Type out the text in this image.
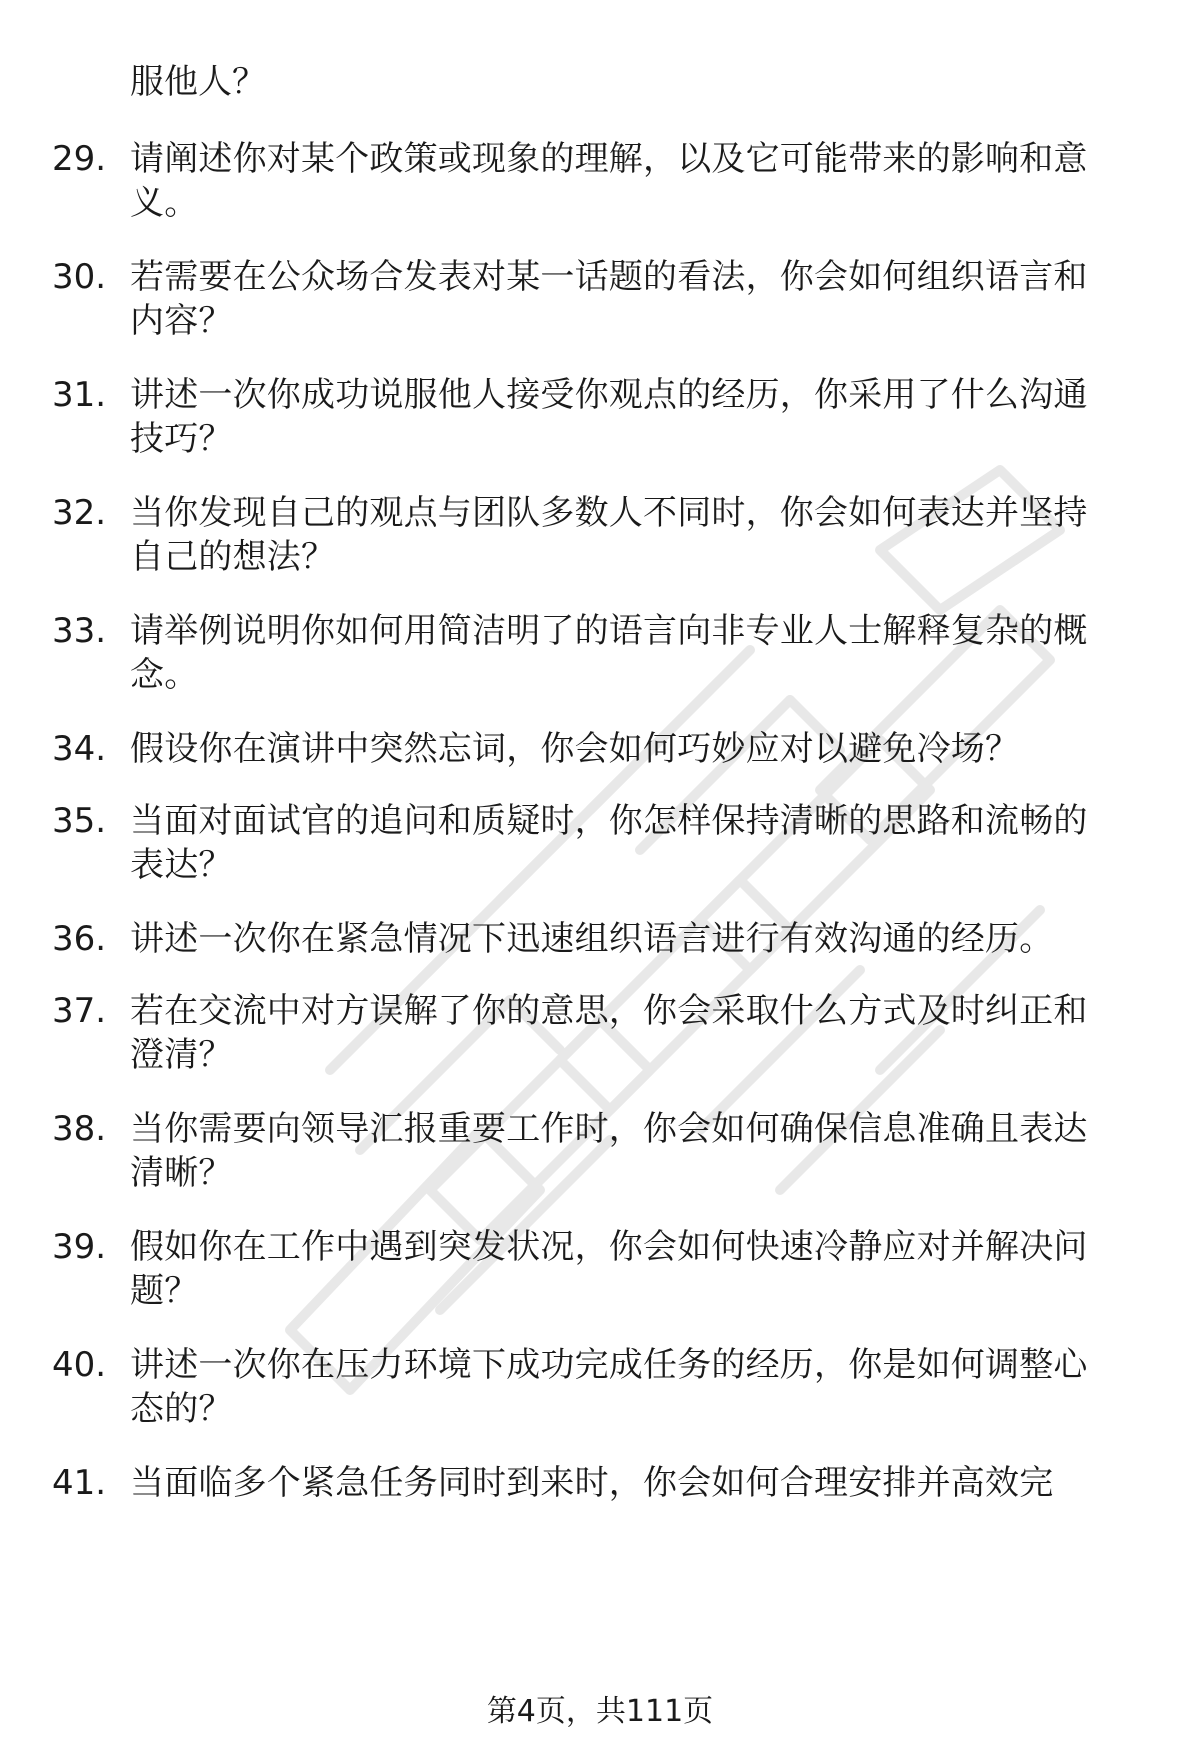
服他人？
29. 请阐述你对某个政策或现象的理解，以及它可能带来的影响和意
义。
30. 若需要在公众场合发表对某一话题的看法，你会如何组织语言和
内容？
31. 讲述一次你成功说服他人接受你观点的经历，你采用了什么沟通
技巧？
32. 当你发现自己的观点与团队多数人不同时，你会如何表达并坚持
自己的想法？
33. 请举例说明你如何用简洁明了的语言向非专业人士解释复杂的概
念。
34. 假设你在演讲中突然忘词，你会如何巧妙应对以避免冷场？
35. 当面对面试官的追问和质疑时，你怎样保持清晰的思路和流畅的
表达？
36. 讲述一次你在紧急情况下迅速组织语言进行有效沟通的经历。
37. 若在交流中对方误解了你的意思，你会采取什么方式及时纠正和
澄清？
38. 当你需要向领导汇报重要工作时，你会如何确保信息准确且表达
清晰？
39. 假如你在工作中遇到突发状况，你会如何快速冷静应对并解决问
题？
40. 讲述一次你在压力环境下成功完成任务的经历，你是如何调整心
态的？
41. 当面临多个紧急任务同时到来时，你会如何合理安排并高效完
第4页，共111页
